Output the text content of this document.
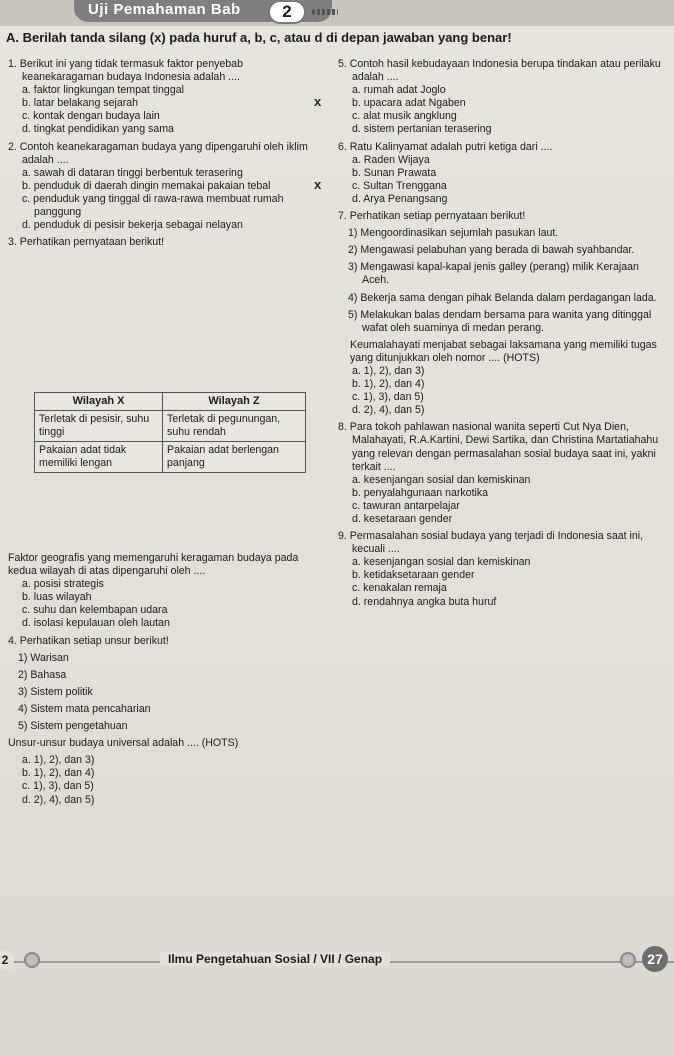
Uji Pemahaman Bab	2
A. Berilah tanda silang (x) pada huruf a, b, c, atau d di depan jawaban yang benar!

1. Berikut ini yang tidak termasuk faktor penyebab keanekaragaman budaya Indonesia adalah ....

a. faktor lingkungan tempat tinggal

b. latar belakang sejarah

c. kontak dengan budaya lain

d. tingkat pendidikan yang sama

2. Contoh keanekaragaman budaya yang dipengaruhi oleh iklim adalah ....

a. sawah di dataran tinggi berbentuk terasering

b. penduduk di daerah dingin memakai pakaian tebal

c. penduduk yang tinggal di rawa-rawa membuat rumah panggung

d. penduduk di pesisir bekerja sebagai nelayan

3. Perhatikan pernyataan berikut!

Wilayah X	Wilayah Z
Terletak di pesisir, suhu tinggi	Terletak di pegunungan, suhu rendah
Pakaian adat tidak memiliki lengan	Pakaian adat berlengan panjang

Faktor geografis yang memengaruhi keragaman budaya pada kedua wilayah di atas dipengaruhi oleh ....

a. posisi strategis

b. luas wilayah

c. suhu dan kelembapan udara

d. isolasi kepulauan oleh lautan

4. Perhatikan setiap unsur berikut!

1) Warisan

2) Bahasa

3) Sistem politik

4) Sistem mata pencaharian

5) Sistem pengetahuan

Unsur-unsur budaya universal adalah .... (HOTS)

a. 1), 2), dan 3)

b. 1), 2), dan 4)

c. 1), 3), dan 5)

x d. 2), 4), dan 5)

5. Contoh hasil kebudayaan Indonesia berupa tindakan atau perilaku adalah ....

a. rumah adat Joglo

x b. upacara adat Ngaben

c. alat musik angklung

d. sistem pertanian terasering

6. Ratu Kalinyamat adalah putri ketiga dari ....

a. Raden Wijaya

b. Sunan Prawata

x c. Sultan Trenggana

d. Arya Penangsang

7. Perhatikan setiap pernyataan berikut!

1) Mengoordinasikan sejumlah pasukan laut.

2) Mengawasi pelabuhan yang berada di bawah syahbandar.

3) Mengawasi kapal-kapal jenis galley (perang) milik Kerajaan Aceh.

4) Bekerja sama dengan pihak Belanda dalam perdagangan lada.

5) Melakukan balas dendam bersama para wanita yang ditinggal wafat oleh suaminya di medan perang.

Keumalahayati menjabat sebagai laksamana yang memiliki tugas yang ditunjukkan oleh nomor .... (HOTS)

a. 1), 2), dan 3)

b. 1), 2), dan 4)

c. 1), 3), dan 5)

d. 2), 4), dan 5)

8. Para tokoh pahlawan nasional wanita seperti Cut Nya Dien, Malahayati, R.A.Kartini, Dewi Sartika, dan Christina Martatiahahu yang relevan dengan permasalahan sosial budaya saat ini, yakni terkait ....

a. kesenjangan sosial dan kemiskinan

b. penyalahgunaan narkotika

c. tawuran antarpelajar

d. kesetaraan gender

9. Permasalahan sosial budaya yang terjadi di Indonesia saat ini, kecuali ....

a. kesenjangan sosial dan kemiskinan

b. ketidaksetaraan gender

c. kenakalan remaja

d. rendahnya angka buta huruf

Ilmu Pengetahuan Sosial / VII / Genap
2	27
